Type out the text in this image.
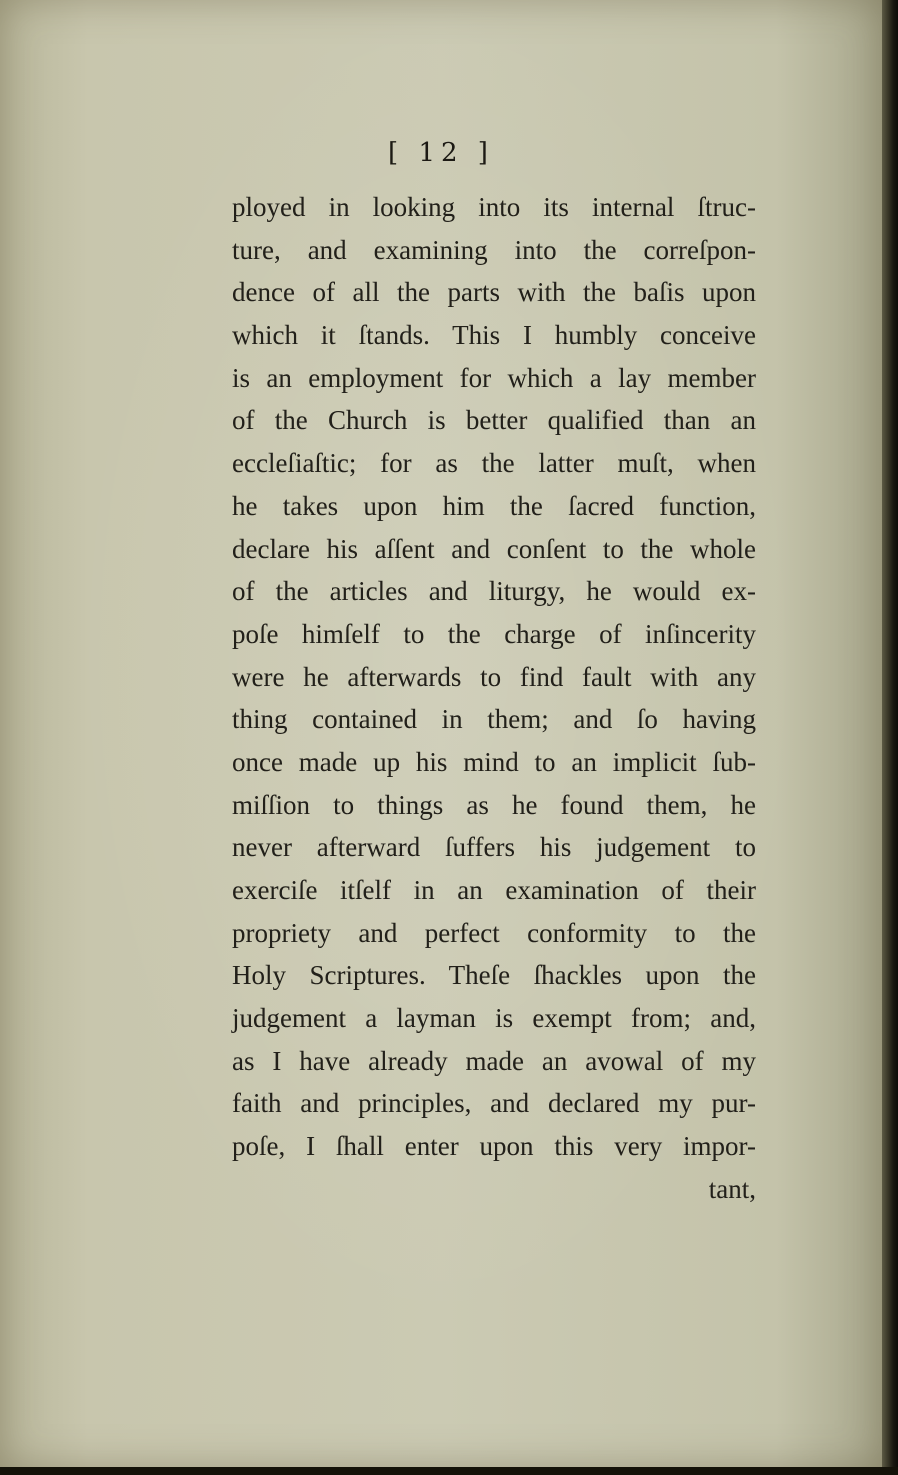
[ 12 ]
ployed in looking into its internal ſtruc-
ture, and examining into the correſpon-
dence of all the parts with the baſis upon
which it ſtands. This I humbly conceive
is an employment for which a lay member
of the Church is better qualified than an
eccleſiaſtic; for as the latter muſt, when
he takes upon him the ſacred function,
declare his aſſent and conſent to the whole
of the articles and liturgy, he would ex-
poſe himſelf to the charge of inſincerity
were he afterwards to find fault with any
thing contained in them; and ſo having
once made up his mind to an implicit ſub-
miſſion to things as he found them, he
never afterward ſuffers his judgement to
exerciſe itſelf in an examination of their
propriety and perfect conformity to the
Holy Scriptures. Theſe ſhackles upon the
judgement a layman is exempt from; and,
as I have already made an avowal of my
faith and principles, and declared my pur-
poſe, I ſhall enter upon this very impor-
tant,
